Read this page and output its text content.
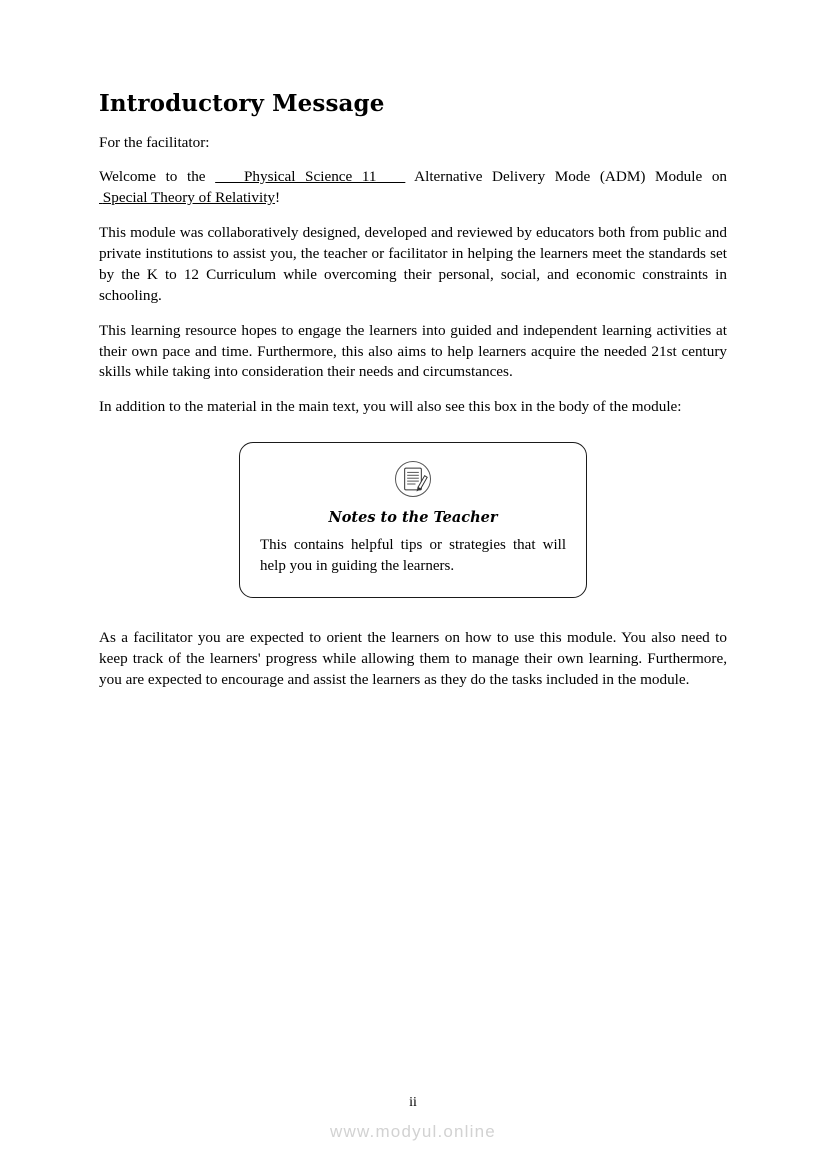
Introductory Message

For the facilitator:

Welcome to the	Physical Science 11 Alternative Delivery Mode (ADM) Module on  Special Theory of Relativity!

This module was collaboratively designed, developed and reviewed by educators both from public and private institutions to assist you, the teacher or facilitator in helping the learners meet the standards set by the K to 12 Curriculum while overcoming their personal, social, and economic constraints in schooling.

This learning resource hopes to engage the learners into guided and independent learning activities at their own pace and time. Furthermore, this also aims to help learners acquire the needed 21st century skills while taking into consideration their needs and circumstances.

In addition to the material in the main text, you will also see this box in the body of the module:

Notes to the Teacher

This contains helpful tips or strategies that will help you in guiding the learners.

As a facilitator you are expected to orient the learners on how to use this module. You also need to keep track of the learners' progress while allowing them to manage their own learning. Furthermore, you are expected to encourage and assist the learners as they do the tasks included in the module.

ii
www.modyul.online
